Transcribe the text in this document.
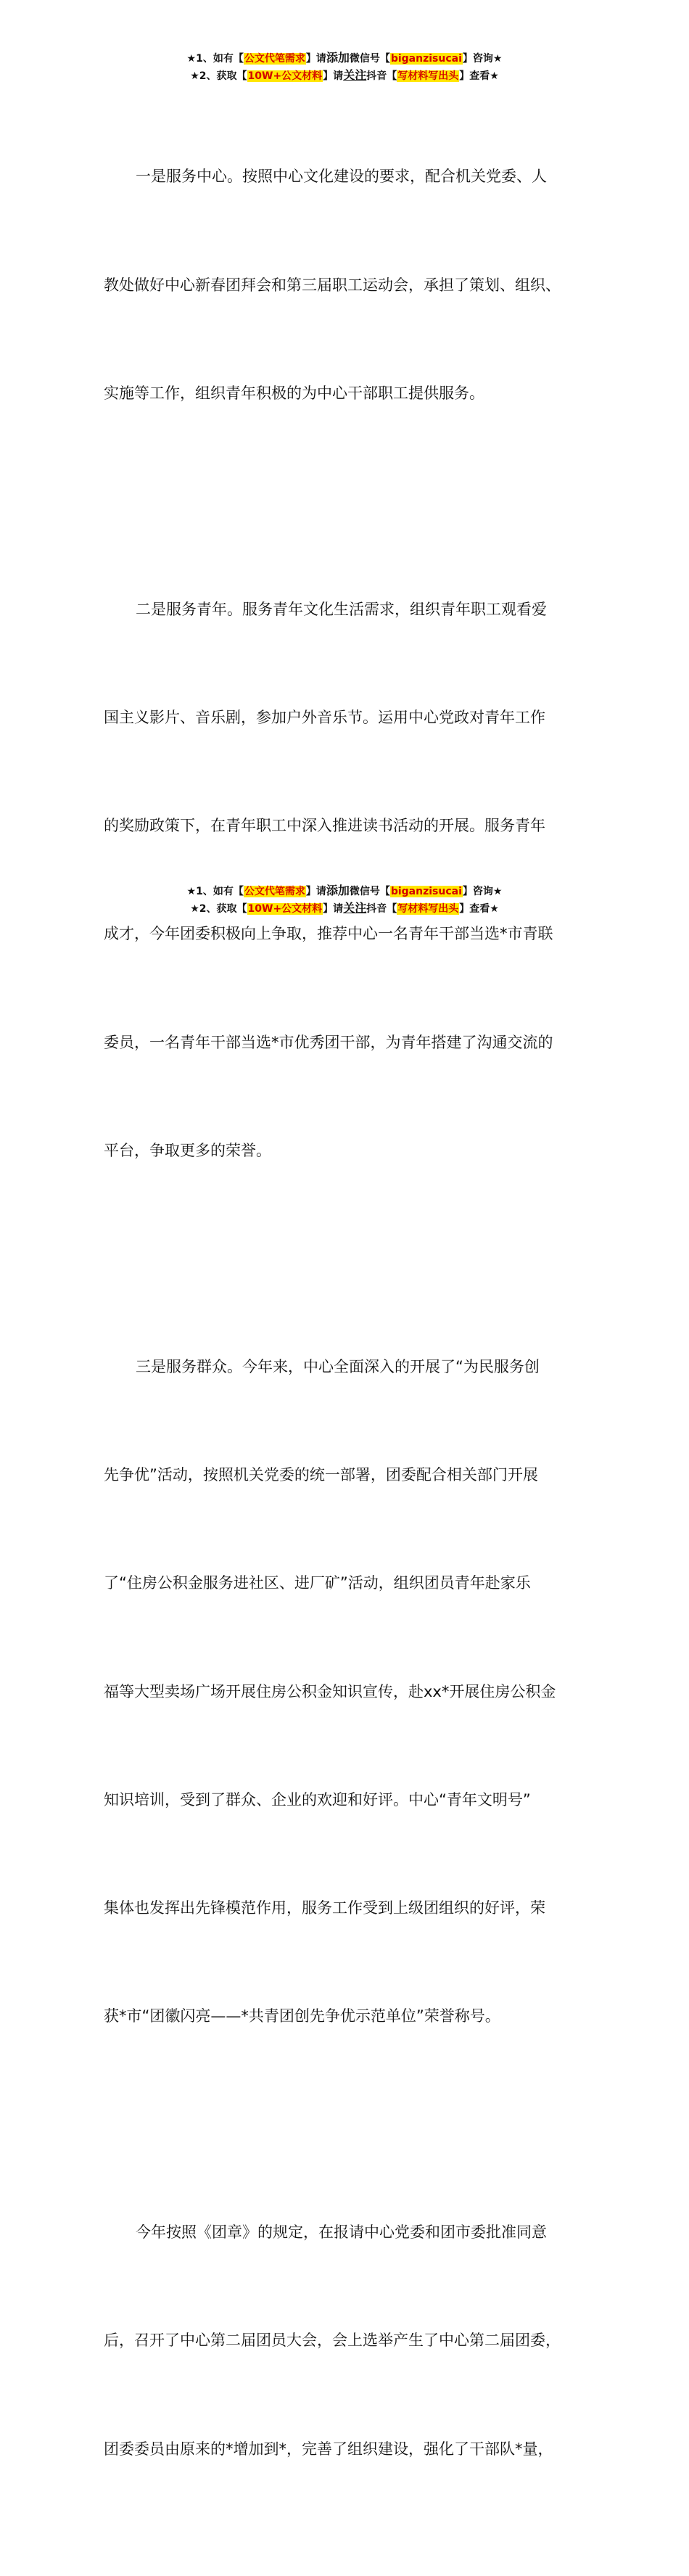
★1、如有【公文代笔需求】请添加微信号【biganzisucai】咨询★
★2、获取【10W+公文材料】请关注抖音【写材料写出头】查看★

一是服务中心。按照中心文化建设的要求，配合机关党委、人

教处做好中心新春团拜会和第三届职工运动会，承担了策划、组织、

实施等工作，组织青年积极的为中心干部职工提供服务。

二是服务青年。服务青年文化生活需求，组织青年职工观看爱

国主义影片、音乐剧，参加户外音乐节。运用中心党政对青年工作

的奖励政策下，在青年职工中深入推进读书活动的开展。服务青年

成才，今年团委积极向上争取，推荐中心一名青年干部当选*市青联

委员，一名青年干部当选*市优秀团干部，为青年搭建了沟通交流的

平台，争取更多的荣誉。

三是服务群众。今年来，中心全面深入的开展了“为民服务创

先争优”活动，按照机关党委的统一部署，团委配合相关部门开展

了“住房公积金服务进社区、进厂矿”活动，组织团员青年赴家乐

福等大型卖场广场开展住房公积金知识宣传，赴xx*开展住房公积金

知识培训，受到了群众、企业的欢迎和好评。中心“青年文明号”

集体也发挥出先锋模范作用，服务工作受到上级团组织的好评，荣

获*市“团徽闪亮——*共青团创先争优示范单位”荣誉称号。

今年按照《团章》的规定，在报请中心党委和团市委批准同意

后，召开了中心第二届团员大会，会上选举产生了中心第二届团委，

团委委员由原来的*增加到*，完善了组织建设，强化了干部队*量，

★1、如有【公文代笔需求】请添加微信号【biganzisucai】咨询★
★2、获取【10W+公文材料】请关注抖音【写材料写出头】查看★
